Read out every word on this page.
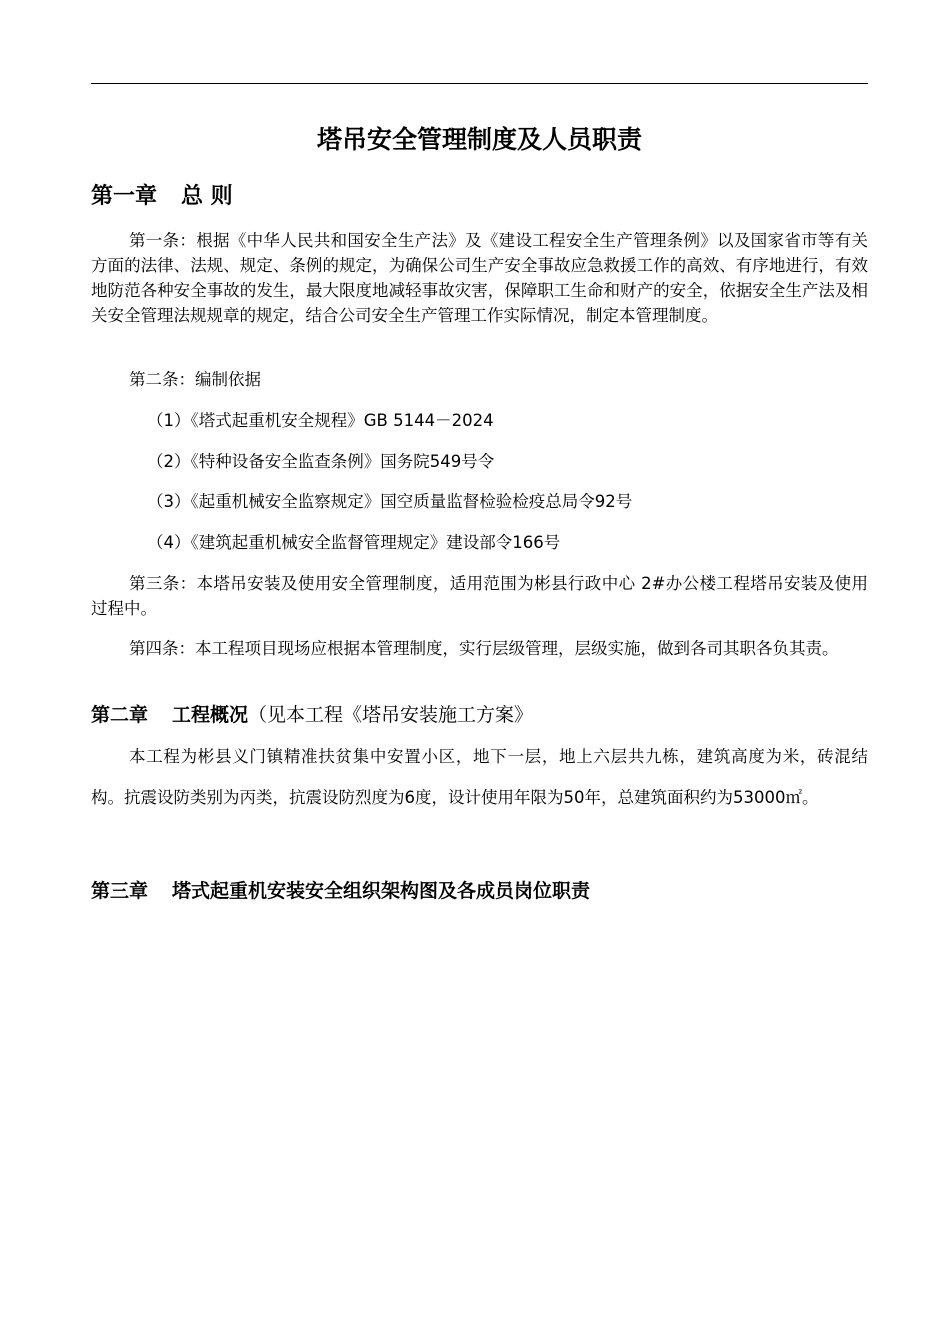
塔吊安全管理制度及人员职责
第一章 总 则

第一条：根据《中华人民共和国安全生产法》及《建设工程安全生产管理条例》以及国家省市等有关方面的法律、法规、规定、条例的规定，为确保公司生产安全事故应急救援工作的高效、有序地进行，有效地防范各种安全事故的发生，最大限度地减轻事故灾害，保障职工生命和财产的安全，依据安全生产法及相关安全管理法规规章的规定，结合公司安全生产管理工作实际情况，制定本管理制度。

第二条：编制依据

（1）《塔式起重机安全规程》GB 5144－2024

（2）《特种设备安全监查条例》国务院549号令

（3）《起重机械安全监察规定》国空质量监督检验检疫总局令92号

（4）《建筑起重机械安全监督管理规定》建设部令166号

第三条：本塔吊安装及使用安全管理制度，适用范围为彬县行政中心 2#办公楼工程塔吊安装及使用过程中。

第四条：本工程项目现场应根据本管理制度，实行层级管理，层级实施，做到各司其职各负其责。

第二章 工程概况（见本工程《塔吊安装施工方案》

本工程为彬县义门镇精准扶贫集中安置小区，地下一层，地上六层共九栋，建筑高度为米，砖混结构。抗震设防类别为丙类，抗震设防烈度为6度，设计使用年限为50年，总建筑面积约为53000㎡。

第三章 塔式起重机安装安全组织架构图及各成员岗位职责
